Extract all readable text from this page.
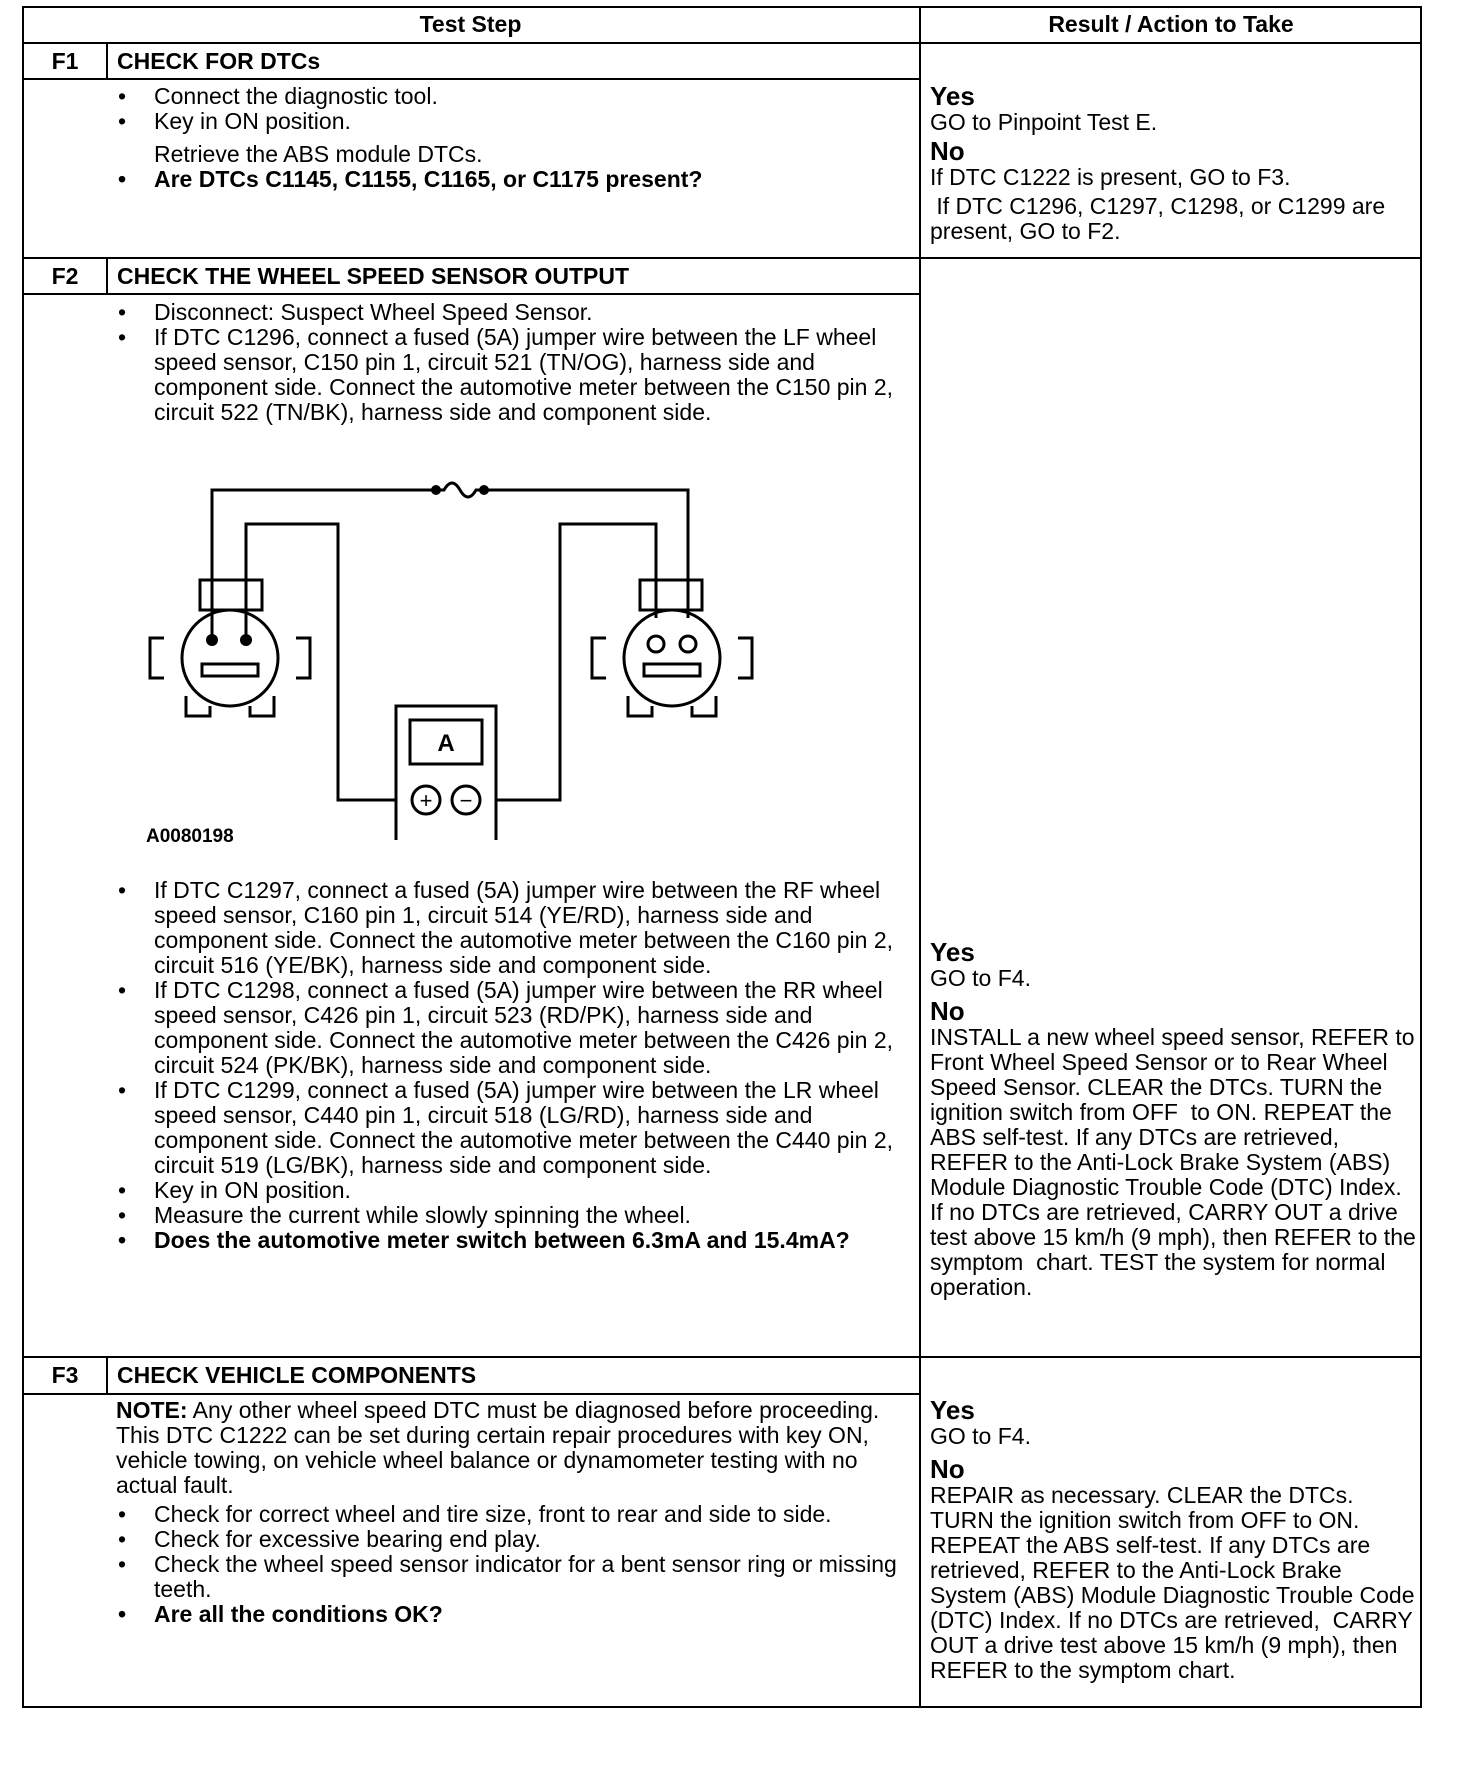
Test Step	Result / Action to Take
F1	CHECK FOR DTCs
• Connect the diagnostic tool.
• Key in ON position.
Retrieve the ABS module DTCs.
• Are DTCs C1145, C1155, C1165, or C1175 present?
Yes
GO to Pinpoint Test E.
No
If DTC C1222 is present, GO to F3.
If DTC C1296, C1297, C1298, or C1299 are present, GO to F2.
F2	CHECK THE WHEEL SPEED SENSOR OUTPUT
• Disconnect: Suspect Wheel Speed Sensor.
• If DTC C1296, connect a fused (5A) jumper wire between the LF wheel speed sensor, C150 pin 1, circuit 521 (TN/OG), harness side and component side. Connect the automotive meter between the C150 pin 2, circuit 522 (TN/BK), harness side and component side.
A
+ −
A0080198
• If DTC C1297, connect a fused (5A) jumper wire between the RF wheel speed sensor, C160 pin 1, circuit 514 (YE/RD), harness side and component side. Connect the automotive meter between the C160 pin 2, circuit 516 (YE/BK), harness side and component side.
• If DTC C1298, connect a fused (5A) jumper wire between the RR wheel speed sensor, C426 pin 1, circuit 523 (RD/PK), harness side and component side. Connect the automotive meter between the C426 pin 2, circuit 524 (PK/BK), harness side and component side.
• If DTC C1299, connect a fused (5A) jumper wire between the LR wheel speed sensor, C440 pin 1, circuit 518 (LG/RD), harness side and component side. Connect the automotive meter between the C440 pin 2, circuit 519 (LG/BK), harness side and component side.
• Key in ON position.
• Measure the current while slowly spinning the wheel.
• Does the automotive meter switch between 6.3mA and 15.4mA?
Yes
GO to F4.
No
INSTALL a new wheel speed sensor, REFER to Front Wheel Speed Sensor or to Rear Wheel Speed Sensor. CLEAR the DTCs. TURN the ignition switch from OFF  to ON. REPEAT the ABS self-test. If any DTCs are retrieved, REFER to the Anti-Lock Brake System (ABS) Module Diagnostic Trouble Code (DTC) Index. If no DTCs are retrieved, CARRY OUT a drive test above 15 km/h (9 mph), then REFER to the symptom  chart. TEST the system for normal operation.
F3	CHECK VEHICLE COMPONENTS
NOTE: Any other wheel speed DTC must be diagnosed before proceeding. This DTC C1222 can be set during certain repair procedures with key ON, vehicle towing, on vehicle wheel balance or dynamometer testing with no actual fault.
• Check for correct wheel and tire size, front to rear and side to side.
• Check for excessive bearing end play.
• Check the wheel speed sensor indicator for a bent sensor ring or missing teeth.
• Are all the conditions OK?
Yes
GO to F4.
No
REPAIR as necessary. CLEAR the DTCs. TURN the ignition switch from OFF to ON. REPEAT the ABS self-test. If any DTCs are retrieved, REFER to the Anti-Lock Brake System (ABS) Module Diagnostic Trouble Code (DTC) Index. If no DTCs are retrieved,  CARRY OUT a drive test above 15 km/h (9 mph), then REFER to the symptom chart.
